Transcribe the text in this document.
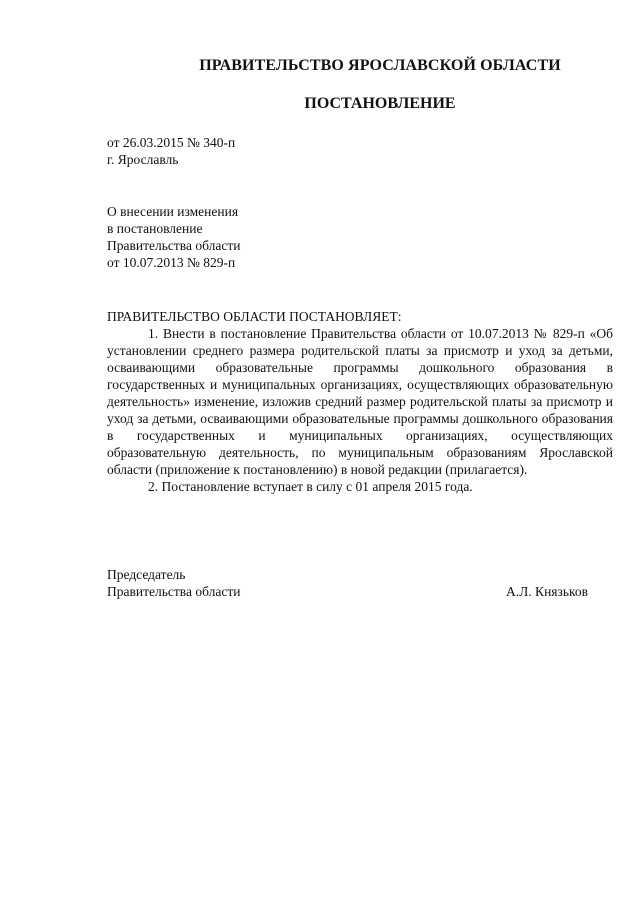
ПРАВИТЕЛЬСТВО ЯРОСЛАВСКОЙ ОБЛАСТИ
ПОСТАНОВЛЕНИЕ
от 26.03.2015 № 340-п
г. Ярославль
О внесении изменения
в постановление
Правительства области
от 10.07.2013 № 829-п
ПРАВИТЕЛЬСТВО ОБЛАСТИ ПОСТАНОВЛЯЕТ:

1. Внести в постановление Правительства области от 10.07.2013 № 829-п «Об установлении среднего размера родительской платы за присмотр и уход за детьми, осваивающими образовательные программы дошкольного образования в государственных и муниципальных организациях, осуществляющих образовательную деятельность» изменение, изложив средний размер родительской платы за присмотр и уход за детьми, осваивающими образовательные программы дошкольного образования в государственных и муниципальных организациях, осуществляющих образовательную деятельность, по муниципальным образованиям Ярославской области (приложение к постановлению) в новой редакции (прилагается).

2. Постановление вступает в силу с 01 апреля 2015 года.

Председатель
Правительства области	А.Л. Князьков
